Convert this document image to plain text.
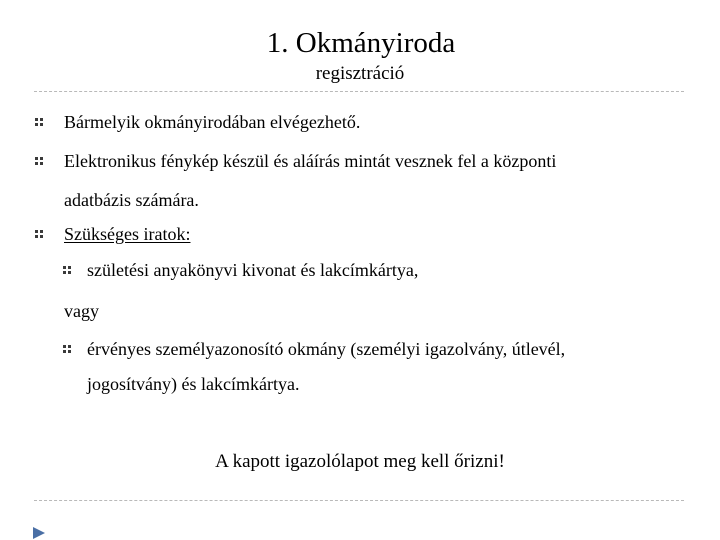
1. Okmányiroda
regisztráció
Bármelyik okmányirodában elvégezhető.
Elektronikus fénykép készül és aláírás mintát vesznek fel a központi
adatbázis számára.
Szükséges iratok:
születési anyakönyvi kivonat és lakcímkártya,
vagy
érvényes személyazonosító okmány (személyi igazolvány, útlevél,
jogosítvány) és lakcímkártya.
A kapott igazolólapot meg kell őrizni!
